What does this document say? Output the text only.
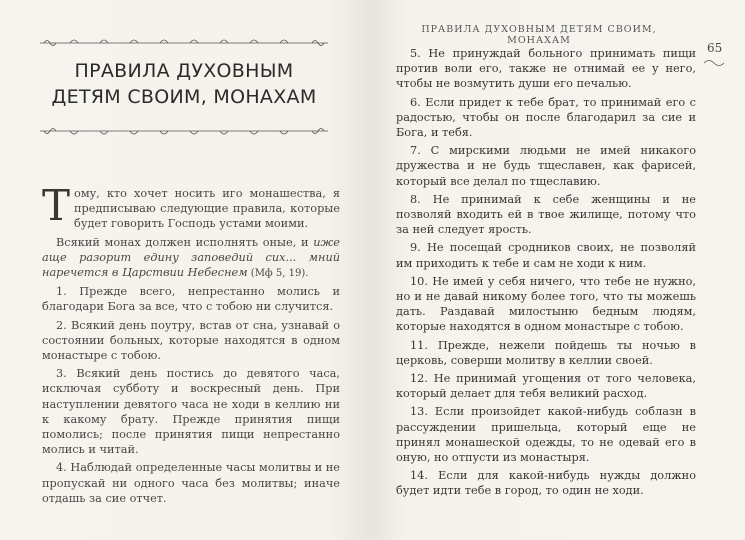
ПРАВИЛА ДУХОВНЫМ
ДЕТЯМ СВОИМ, МОНАХАМ

Тому, кто хочет носить иго монашества, я предписываю следующие правила, которые будет говорить Господь устами моими.

Всякий монах должен исполнять оные, и иже аще разорит едину заповедий сих... мний наречется в Царствии Небеснем (Мф 5, 19).

1. Прежде всего, непрестанно молись и благодари Бога за все, что с тобою ни случится.

2. Всякий день поутру, встав от сна, узнавай о состоянии больных, которые находятся в одном монастыре с тобою.

3. Всякий день постись до девятого часа, исключая субботу и воскресный день. При наступлении девятого часа не ходи в келлию ни к какому брату. Прежде принятия пищи помолись; после принятия пищи непрестанно молись и читай.

4. Наблюдай определенные часы молитвы и не пропускай ни одного часа без молитвы; иначе отдашь за сие отчет.

ПРАВИЛА ДУХОВНЫМ ДЕТЯМ СВОИМ, МОНАХАМ
65

5. Не принуждай больного принимать пищи против воли его, также не отнимай ее у него, чтобы не возмутить души его печалью.

6. Если придет к тебе брат, то принимай его с радостью, чтобы он после благодарил за сие и Бога, и тебя.

7. С мирскими людьми не имей никакого дружества и не будь тщеславен, как фарисей, который все делал по тщеславию.

8. Не принимай к себе женщины и не позволяй входить ей в твое жилище, потому что за ней следует ярость.

9. Не посещай сродников своих, не позволяй им приходить к тебе и сам не ходи к ним.

10. Не имей у себя ничего, что тебе не нужно, но и не давай никому более того, что ты можешь дать. Раздавай милостыню бедным людям, которые находятся в одном монастыре с тобою.

11. Прежде, нежели пойдешь ты ночью в церковь, соверши молитву в келлии своей.

12. Не принимай угощения от того человека, который делает для тебя великий расход.

13. Если произойдет какой-нибудь соблазн в рассуждении пришельца, который еще не принял монашеской одежды, то не одевай его в оную, но отпусти из монастыря.

14. Если для какой-нибудь нужды должно будет идти тебе в город, то один не ходи.
